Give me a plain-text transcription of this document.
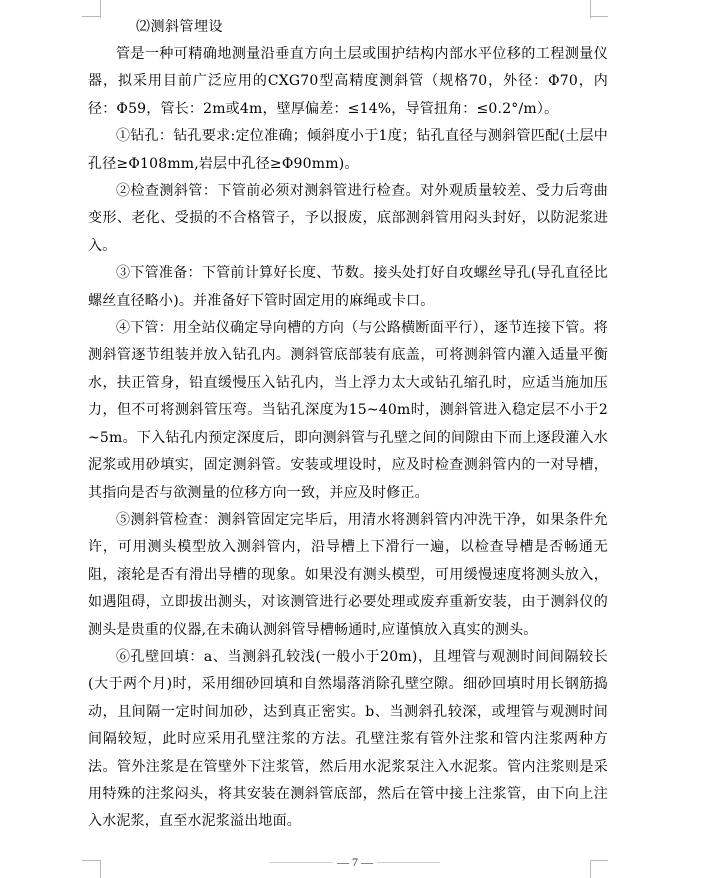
⑵测斜管埋设

管是一种可精确地测量沿垂直方向土层或围护结构内部水平位移的工程测量仪器，拟采用目前广泛应用的CXG70型高精度测斜管（规格70，外径：Φ70，内径：Φ59，管长：2m或4m，壁厚偏差：≤14%，导管扭角：≤0.2°/m）。

①钻孔：钻孔要求:定位准确；倾斜度小于1度；钻孔直径与测斜管匹配(土层中孔径≥Φ108mm,岩层中孔径≥Φ90mm)。

②检查测斜管：下管前必须对测斜管进行检查。对外观质量较差、受力后弯曲变形、老化、受损的不合格管子，予以报废，底部测斜管用闷头封好，以防泥浆进入。

③下管准备：下管前计算好长度、节数。接头处打好自攻螺丝导孔(导孔直径比螺丝直径略小)。并准备好下管时固定用的麻绳或卡口。

④下管：用全站仪确定导向槽的方向（与公路横断面平行），逐节连接下管。将测斜管逐节组装并放入钻孔内。测斜管底部装有底盖，可将测斜管内灌入适量平衡水，扶正管身，铅直缓慢压入钻孔内，当上浮力太大或钻孔缩孔时，应适当施加压力，但不可将测斜管压弯。当钻孔深度为15~40m时，测斜管进入稳定层不小于2~5m。下入钻孔内预定深度后，即向测斜管与孔壁之间的间隙由下而上逐段灌入水泥浆或用砂填实，固定测斜管。安装或埋设时，应及时检查测斜管内的一对导槽，其指向是否与欲测量的位移方向一致，并应及时修正。

⑤测斜管检查：测斜管固定完毕后，用清水将测斜管内冲洗干净，如果条件允许，可用测头模型放入测斜管内，沿导槽上下滑行一遍，以检查导槽是否畅通无阻，滚轮是否有滑出导槽的现象。如果没有测头模型，可用缓慢速度将测头放入，如遇阻碍，立即拔出测头，对该测管进行必要处理或废弃重新安装，由于测斜仪的测头是贵重的仪器,在未确认测斜管导槽畅通时,应谨慎放入真实的测头。

⑥孔壁回填：a、当测斜孔较浅(一般小于20m)，且埋管与观测时间间隔较长(大于两个月)时，采用细砂回填和自然塌落消除孔壁空隙。细砂回填时用长钢筋捣动，且间隔一定时间加砂，达到真正密实。b、当测斜孔较深，或埋管与观测时间间隔较短，此时应采用孔壁注浆的方法。孔壁注浆有管外注浆和管内注浆两种方法。管外注浆是在管壁外下注浆管，然后用水泥浆泵注入水泥浆。管内注浆则是采用特殊的注浆闷头，将其安装在测斜管底部，然后在管中接上注浆管，由下向上注入水泥浆，直至水泥浆溢出地面。

— 7 —
